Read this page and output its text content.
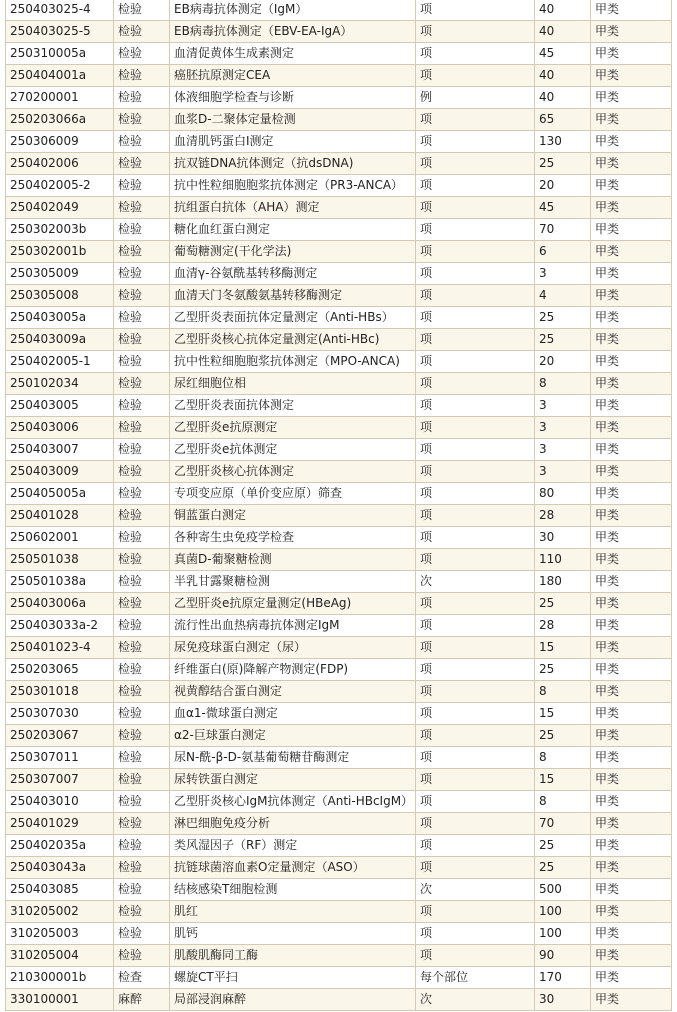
250403025-4	检验	EB病毒抗体测定（IgM）	项	40	甲类
250403025-5	检验	EB病毒抗体测定（EBV-EA-IgA）	项	40	甲类
250310005a	检验	血清促黄体生成素测定	项	45	甲类
250404001a	检验	癌胚抗原测定CEA	项	40	甲类
270200001	检验	体液细胞学检查与诊断	例	40	甲类
250203066a	检验	血浆D-二聚体定量检测	项	65	甲类
250306009	检验	血清肌钙蛋白I测定	项	130	甲类
250402006	检验	抗双链DNA抗体测定（抗dsDNA)	项	25	甲类
250402005-2	检验	抗中性粒细胞胞浆抗体测定（PR3-ANCA）	项	20	甲类
250402049	检验	抗组蛋白抗体（AHA）测定	项	45	甲类
250302003b	检验	糖化血红蛋白测定	项	70	甲类
250302001b	检验	葡萄糖测定(干化学法)	项	6	甲类
250305009	检验	血清γ-谷氨酰基转移酶测定	项	3	甲类
250305008	检验	血清天门冬氨酸氨基转移酶测定	项	4	甲类
250403005a	检验	乙型肝炎表面抗体定量测定（Anti-HBs）	项	25	甲类
250403009a	检验	乙型肝炎核心抗体定量测定(Anti-HBc)	项	25	甲类
250402005-1	检验	抗中性粒细胞胞浆抗体测定（MPO-ANCA)	项	20	甲类
250102034	检验	尿红细胞位相	项	8	甲类
250403005	检验	乙型肝炎表面抗体测定	项	3	甲类
250403006	检验	乙型肝炎e抗原测定	项	3	甲类
250403007	检验	乙型肝炎e抗体测定	项	3	甲类
250403009	检验	乙型肝炎核心抗体测定	项	3	甲类
250405005a	检验	专项变应原（单价变应原）筛查	项	80	甲类
250401028	检验	铜蓝蛋白测定	项	28	甲类
250602001	检验	各种寄生虫免疫学检查	项	30	甲类
250501038	检验	真菌D-葡聚糖检测	项	110	甲类
250501038a	检验	半乳甘露聚糖检测	次	180	甲类
250403006a	检验	乙型肝炎e抗原定量测定(HBeAg)	项	25	甲类
250403033a-2	检验	流行性出血热病毒抗体测定IgM	项	28	甲类
250401023-4	检验	尿免疫球蛋白测定（尿）	项	15	甲类
250203065	检验	纤维蛋白(原)降解产物测定(FDP)	项	25	甲类
250301018	检验	视黄醇结合蛋白测定	项	8	甲类
250307030	检验	血α1-微球蛋白测定	项	15	甲类
250203067	检验	α2-巨球蛋白测定	项	25	甲类
250307011	检验	尿N-酰-β-D-氨基葡萄糖苷酶测定	项	8	甲类
250307007	检验	尿转铁蛋白测定	项	15	甲类
250403010	检验	乙型肝炎核心IgM抗体测定（Anti-HBcIgM）	项	8	甲类
250401029	检验	淋巴细胞免疫分析	项	70	甲类
250402035a	检验	类风湿因子（RF）测定	项	25	甲类
250403043a	检验	抗链球菌溶血素O定量测定（ASO）	项	25	甲类
250403085	检验	结核感染T细胞检测	次	500	甲类
310205002	检验	肌红	项	100	甲类
310205003	检验	肌钙	项	100	甲类
310205004	检验	肌酸肌酶同工酶	项	90	甲类
210300001b	检查	螺旋CT平扫	每个部位	170	甲类
330100001	麻醉	局部浸润麻醉	次	30	甲类
